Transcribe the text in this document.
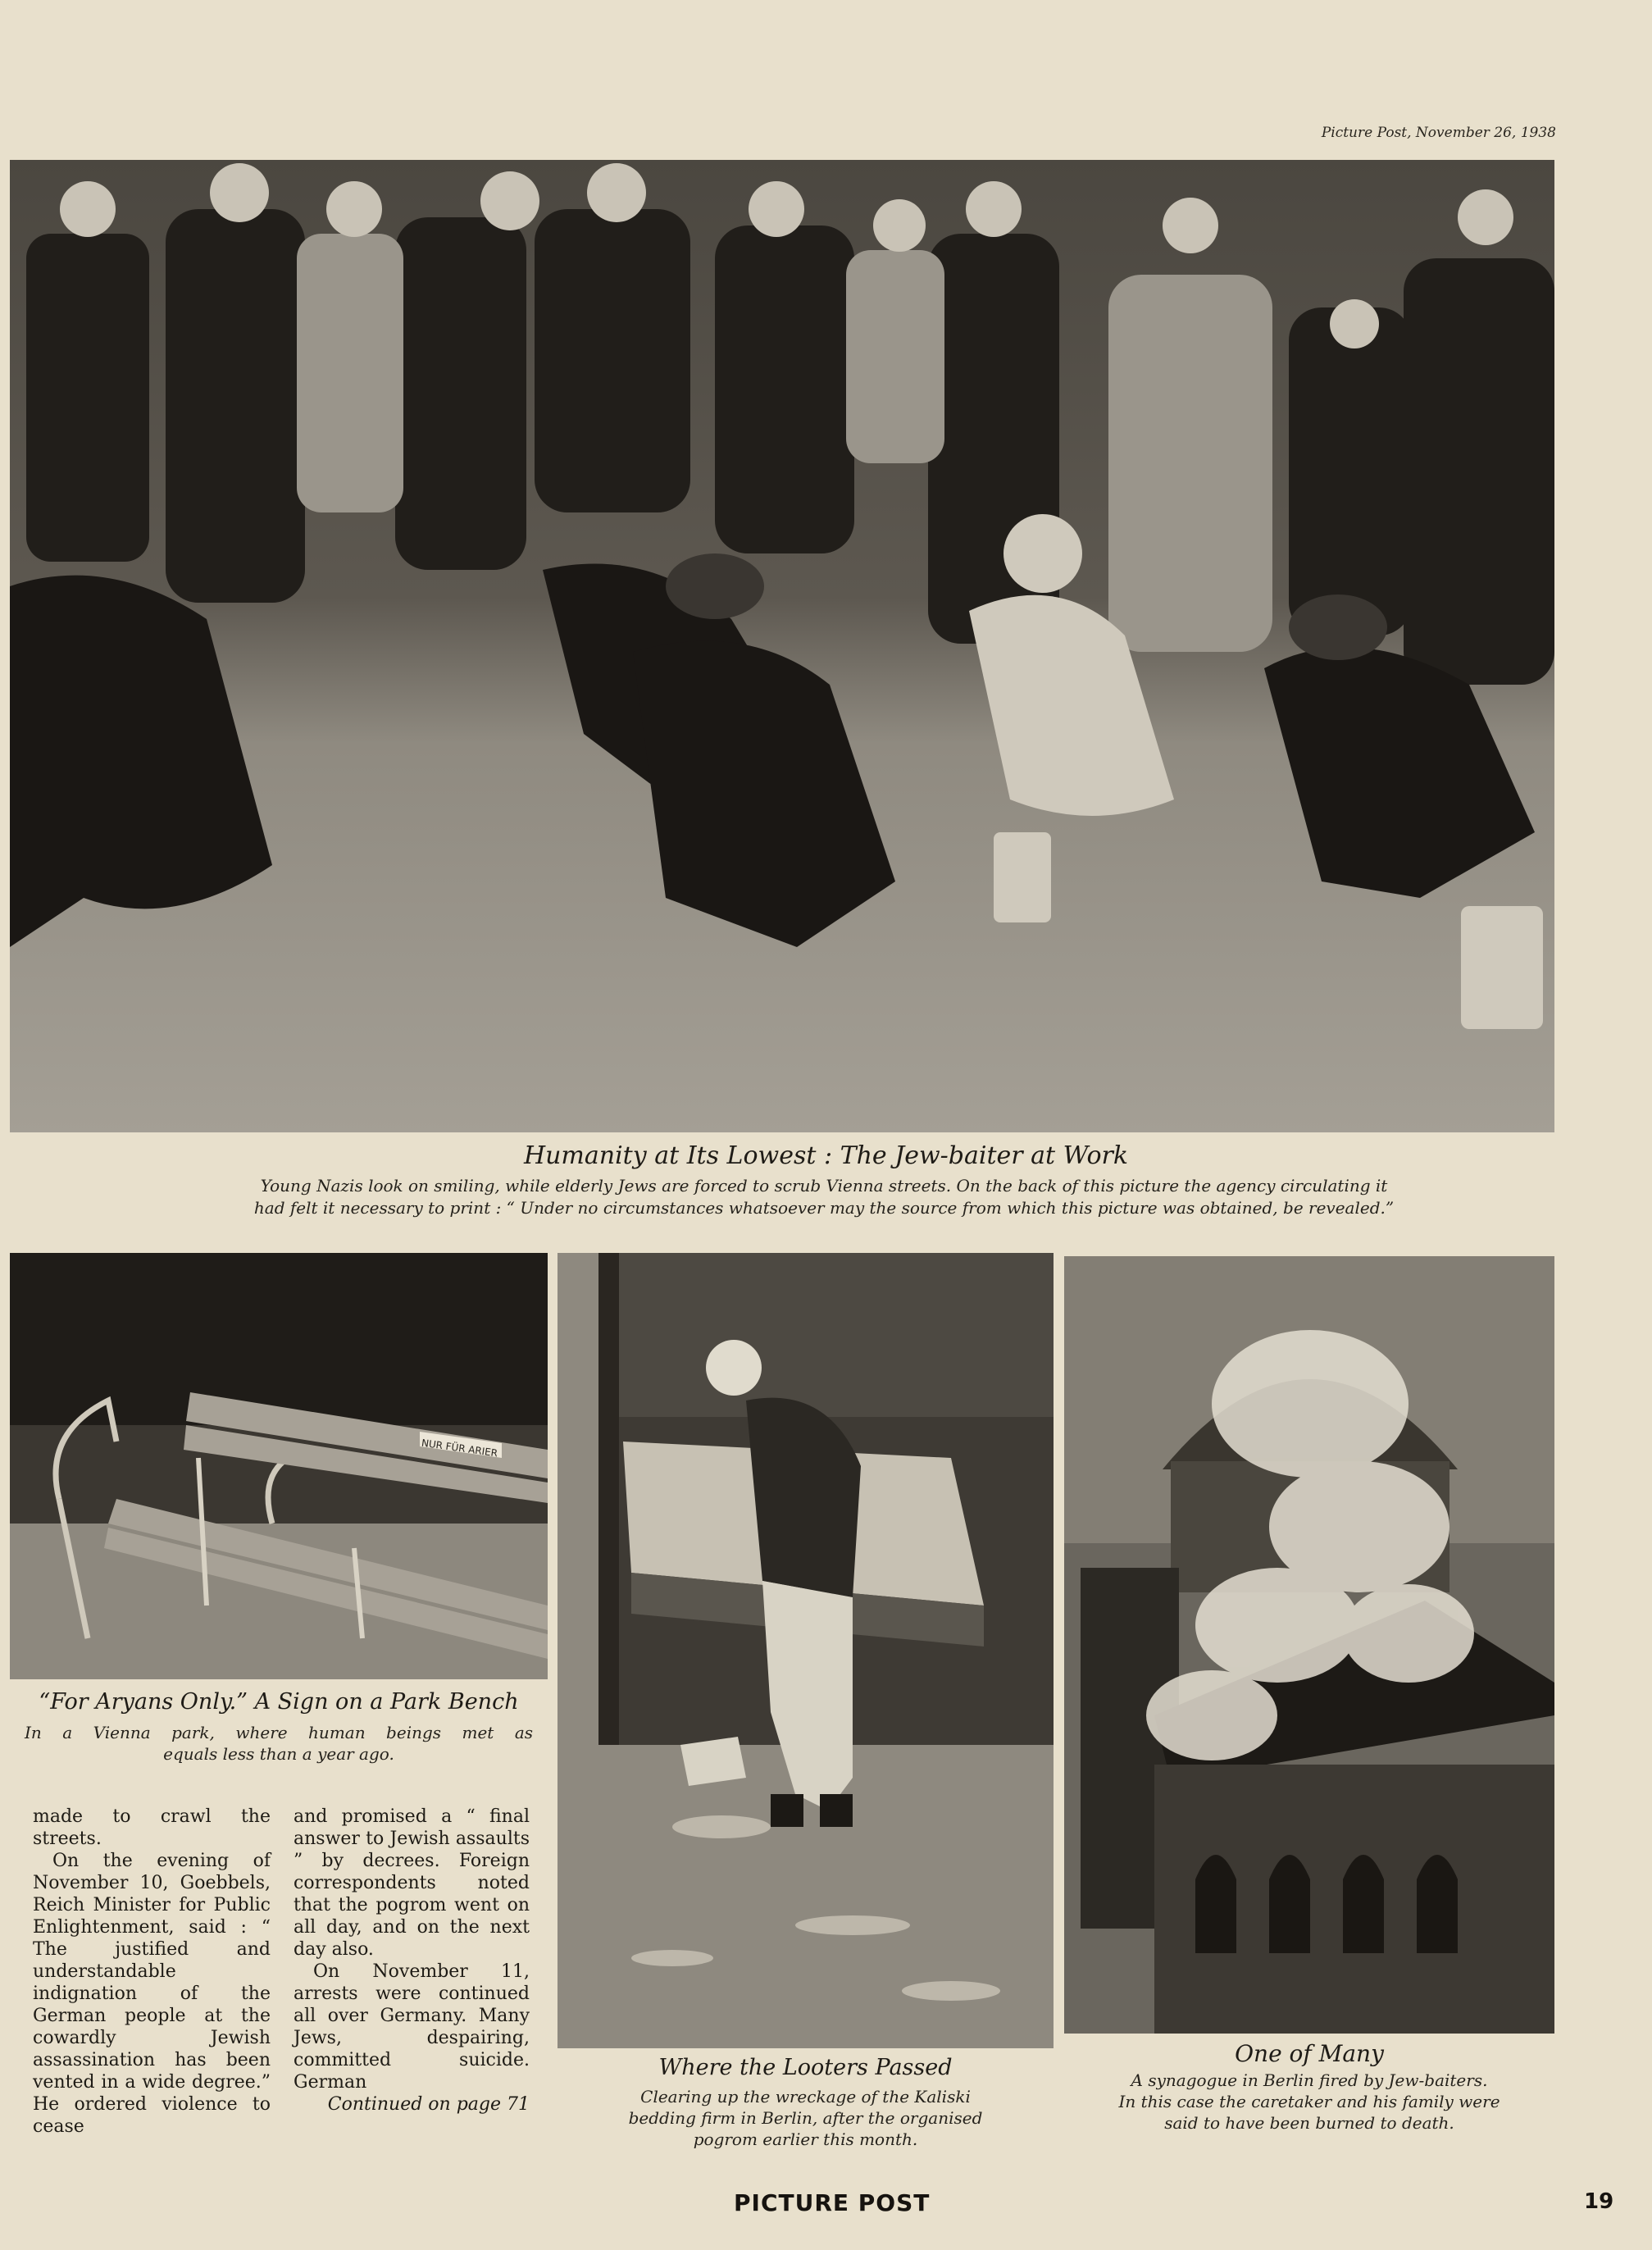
Picture Post, November 26, 1938
Humanity at Its Lowest : The Jew-baiter at Work
Young Nazis look on smiling, while elderly Jews are forced to scrub Vienna streets. On the back of this picture the agency circulating it
had felt it necessary to print : “ Under no circumstances whatsoever may the source from which this picture was obtained, be revealed.”
NUR FÜR ARIER
“For Aryans Only.” A Sign on a Park Bench
In a Vienna park, where human beings met as
equals less than a year ago.
Where the Looters Passed
Clearing up the wreckage of the Kaliski
bedding firm in Berlin, after the organised
pogrom earlier this month.
One of Many
A synagogue in Berlin fired by Jew-baiters.
In this case the caretaker and his family were
said to have been burned to death.

made to crawl the streets.

On the evening of November 10, Goebbels, Reich Minister for Public Enlightenment, said : “ The justified and understandable indignation of the German people at the cowardly Jewish assassination has been vented in a wide degree.” He ordered violence to cease

and promised a “ final answer to Jewish assaults ” by decrees. Foreign correspondents noted that the pogrom went on all day, and on the next day also.

On November 11, arrests were continued all over Germany. Many Jews, despairing, committed suicide. German

Continued on page 71

PICTURE POST	19
